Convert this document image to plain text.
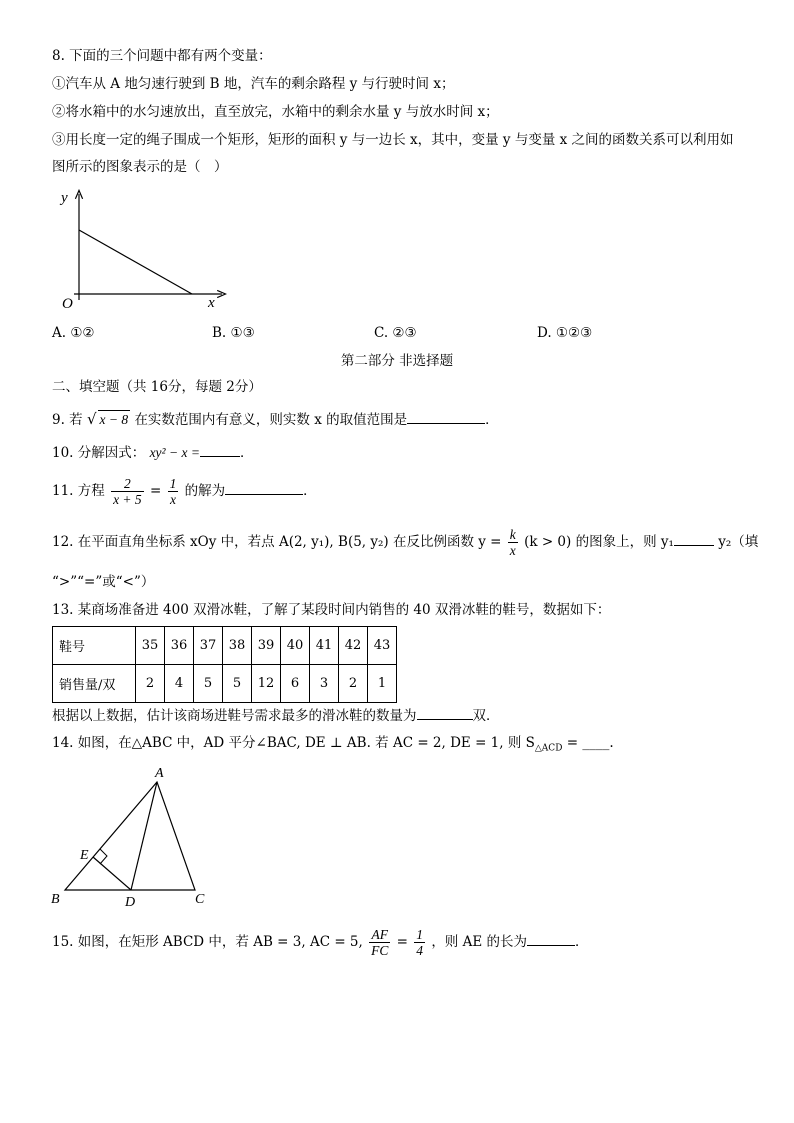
8. 下面的三个问题中都有两个变量：
①汽车从 A 地匀速行驶到 B 地，汽车的剩余路程 y 与行驶时间 x；
②将水箱中的水匀速放出，直至放完，水箱中的剩余水量 y 与放水时间 x；
③用长度一定的绳子围成一个矩形，矩形的面积 y 与一边长 x，其中，变量 y 与变量 x 之间的函数关系可以利用如
图所示的图象表示的是（　）
y
x
O
A. ①②	B. ①③	C. ②③	D. ①②③
第二部分 非选择题
二、填空题（共 16分，每题 2分）
9. 若 √ x − 8 在实数范围内有意义，则实数 x 的取值范围是	．
10. 分解因式： xy² − x =	．
11. 方程 $\frac{2}{x + 5} = \frac{1}{x}$ 的解为	．
12. 在平面直角坐标系 xOy 中，若点 A(2, y₁), B(5, y₂) 在反比例函数 $y = \frac{k}{x} (k > 0)$ 的图象上，则 y₁	y₂（填
“>”“=”或“<”）
13. 某商场准备进 400 双滑冰鞋，了解了某段时间内销售的 40 双滑冰鞋的鞋号，数据如下：
鞋号	35	36	37	38	39	40	41	42	43
销售量/双	2	4	5	5	12	6	3	2	1
根据以上数据，估计该商场进鞋号需求最多的滑冰鞋的数量为	双．
14. 如图，在△ABC 中，AD 平分∠BAC, DE ⊥ AB. 若 AC = 2, DE = 1, 则 $S_{\triangle ACD}$ = ____.
A
B	C
D
E
15. 如图，在矩形 ABCD 中，若 AB = 3, AC = 5, $\frac{AF}{FC} = \frac{1}{4}$ ，则 AE 的长为	．
